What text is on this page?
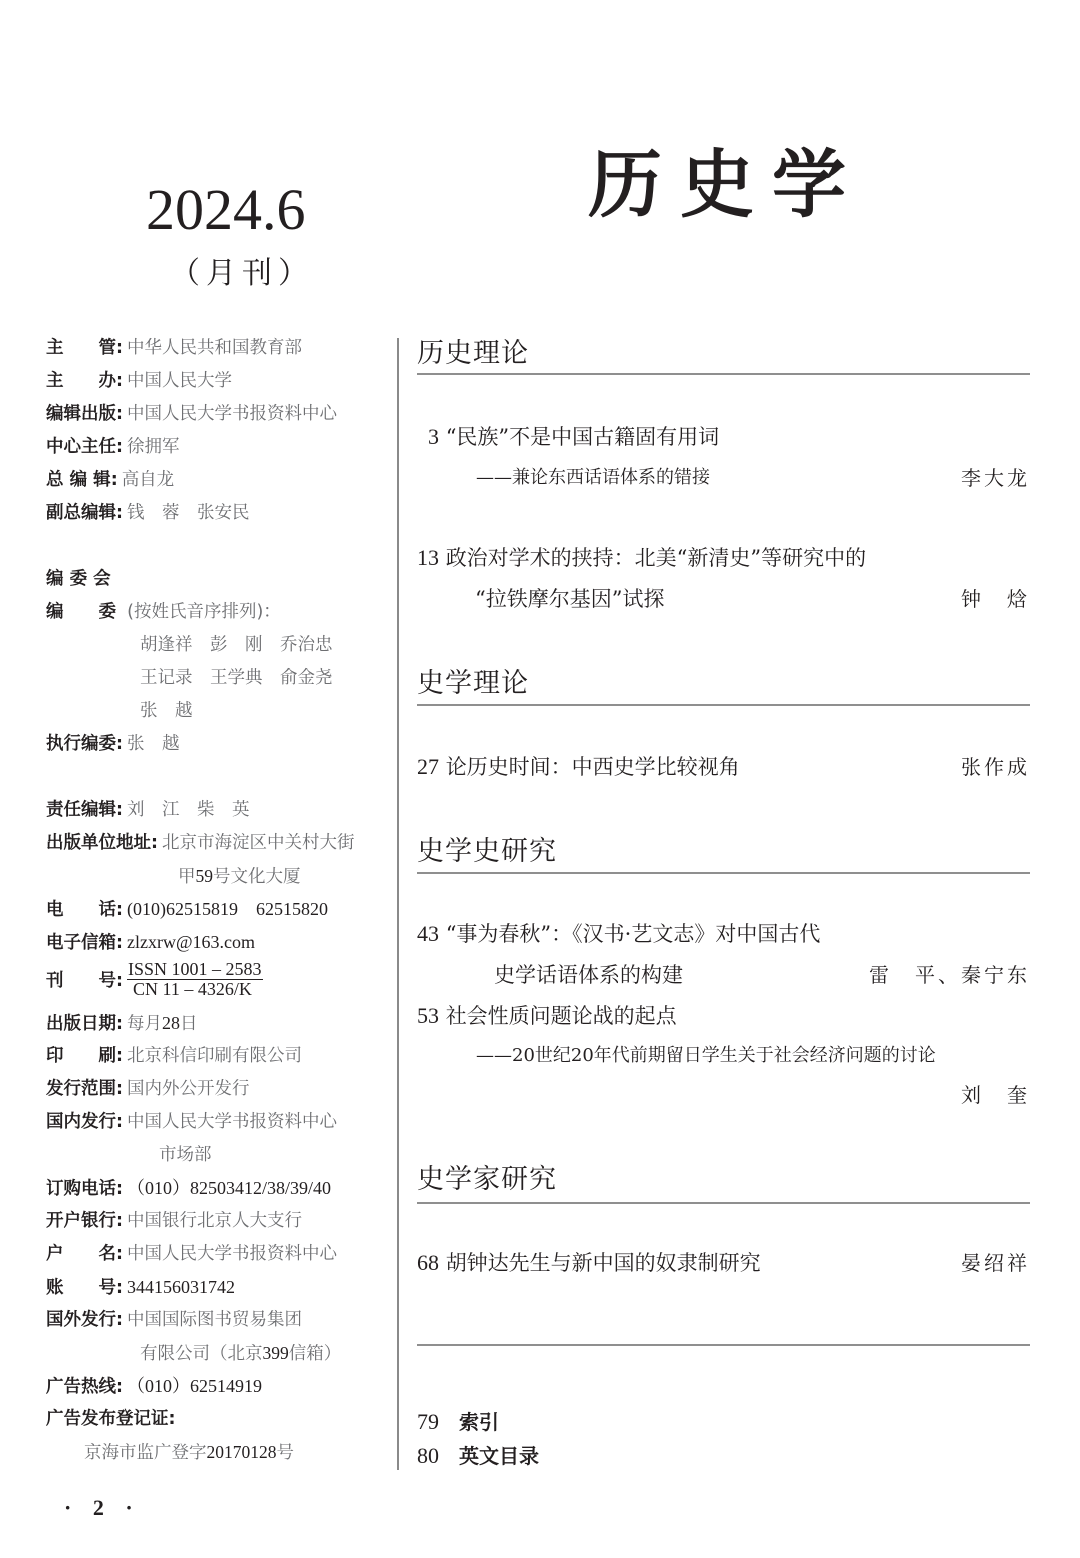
2024.6
（月刊）
历史学
主　　管: 中华人民共和国教育部
主　　办: 中国人民大学
编辑出版: 中国人民大学书报资料中心
中心主任: 徐拥军
总 编 辑: 高自龙
副总编辑: 钱　蓉　张安民
编 委 会
编　　委 (按姓氏音序排列)：
胡逢祥　彭　刚　乔治忠
王记录　王学典　俞金尧
张　越
执行编委: 张　越
责任编辑: 刘　江　柴　英
出版单位地址: 北京市海淀区中关村大街
甲59号文化大厦
电　　话: (010)62515819　62515820
电子信箱: zlzxrw@163.com
刊　　号:
ISSN 1001 – 2583
CN 11 – 4326/K
出版日期: 每月28日
印　　刷: 北京科信印刷有限公司
发行范围: 国内外公开发行
国内发行: 中国人民大学书报资料中心
市场部
订购电话: （010）82503412/38/39/40
开户银行: 中国银行北京人大支行
户　　名: 中国人民大学书报资料中心
账　　号: 344156031742
国外发行: 中国国际图书贸易集团
有限公司（北京399信箱）
广告热线: （010）62514919
广告发布登记证:
京海市监广登字20170128号
历史理论
3 “民族”不是中国古籍固有用词
——兼论东西话语体系的错接	李大龙
13 政治对学术的挟持：北美“新清史”等研究中的
“拉铁摩尔基因”试探	钟　焓
史学理论
27 论历史时间：中西史学比较视角	张作成
史学史研究
43 “事为春秋”：《汉书·艺文志》对中国古代
史学话语体系的构建	雷　平、秦宁东
53 社会性质问题论战的起点
——20世纪20年代前期留日学生关于社会经济问题的讨论
刘　奎
史学家研究
68 胡钟达先生与新中国的奴隶制研究	晏绍祥
79 索引
80 英文目录
· 2 ·
